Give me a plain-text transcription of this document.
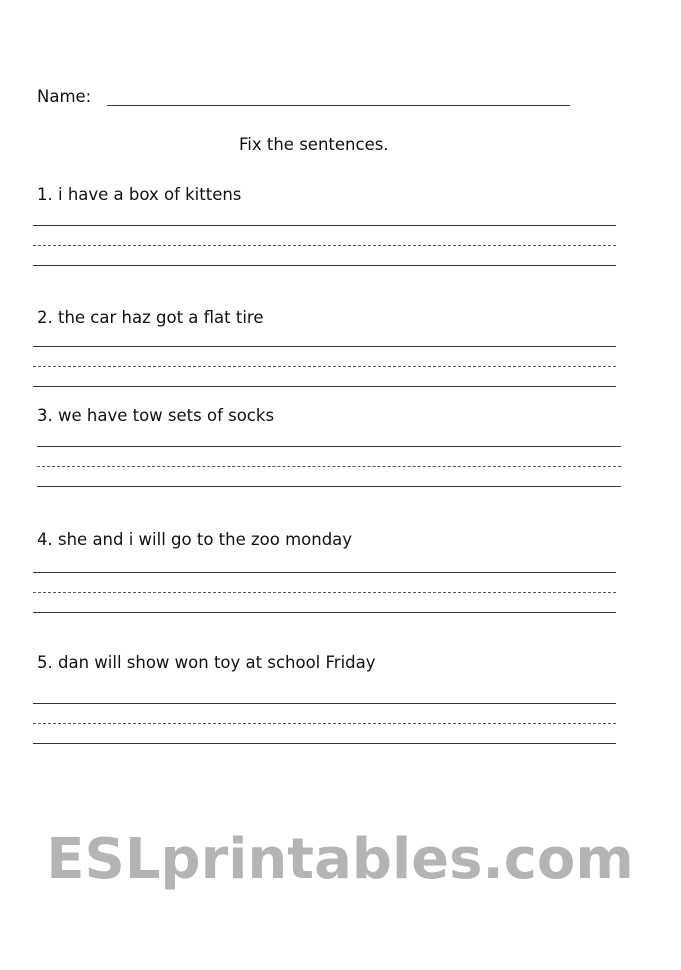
Name:
Fix the sentences.
1. i have a box of kittens
2. the car haz got a flat tire
3. we have tow sets of socks
4. she and i will go to the zoo monday
5. dan will show won toy at school Friday
ESLprintables.com
